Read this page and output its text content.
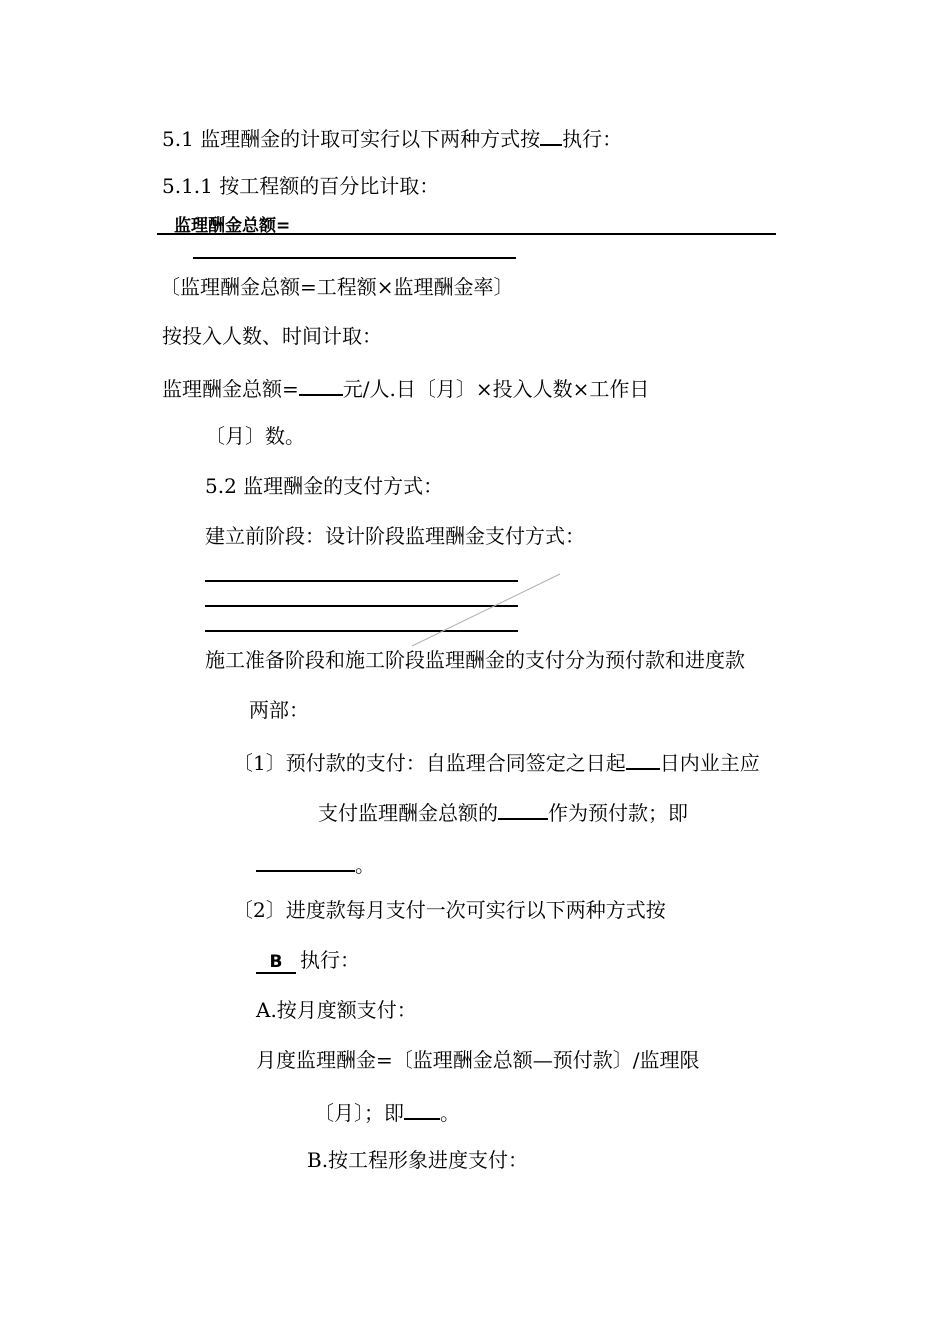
5.1 监理酬金的计取可实行以下两种方式按 执行：
5.1.1 按工程额的百分比计取：
监理酬金总额=
〔监理酬金总额=工程额×监理酬金率〕
按投入人数、时间计取：
监理酬金总额= 元/人.日〔月〕×投入人数×工作日
〔月〕数。
5.2 监理酬金的支付方式：
建立前阶段：设计阶段监理酬金支付方式：
施工准备阶段和施工阶段监理酬金的支付分为预付款和进度款
两部：
〔1〕预付款的支付：自监理合同签定之日起 日内业主应
支付监理酬金总额的	作为预付款；即
。
〔2〕进度款每月支付一次可实行以下两种方式按
B 执行：
A.按月度额支付：
月度监理酬金=〔监理酬金总额—预付款〕/监理限
〔月〕；即 。
B.按工程形象进度支付：
